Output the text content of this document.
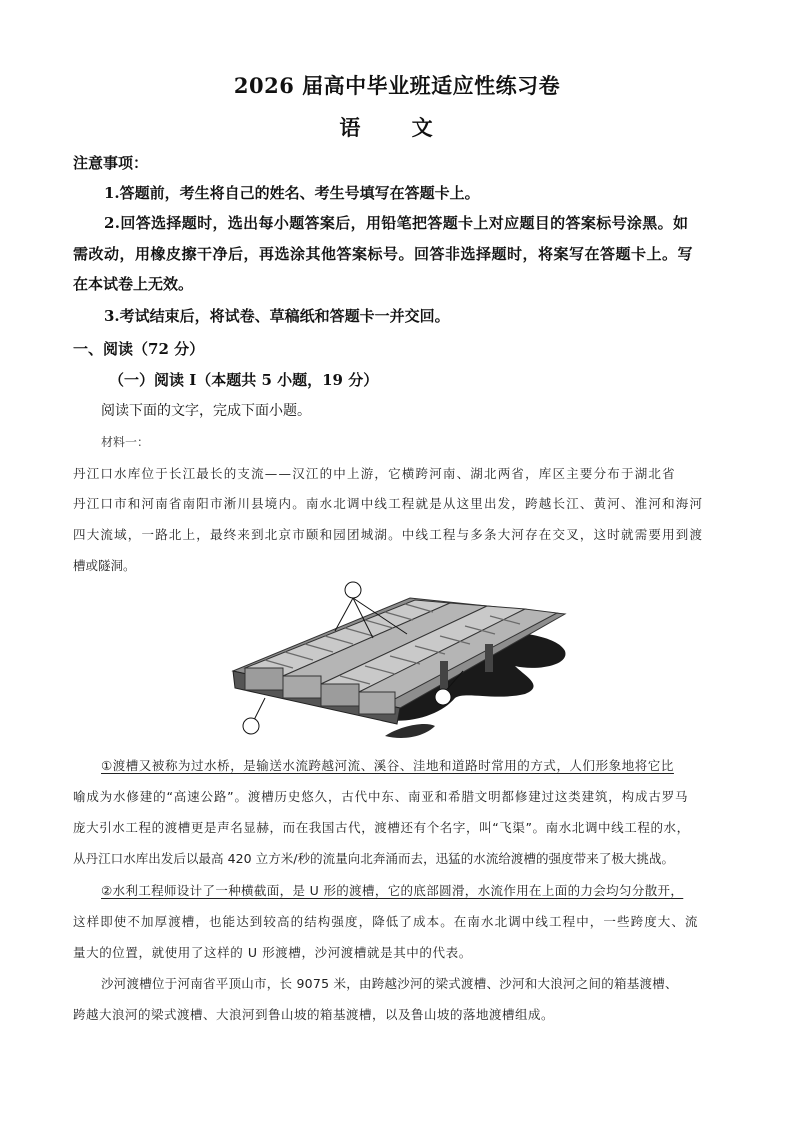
2026 届高中毕业班适应性练习卷
语 文
注意事项：
1.答题前，考生将自己的姓名、考生号填写在答题卡上。
2.回答选择题时，选出每小题答案后，用铅笔把答题卡上对应题目的答案标号涂黑。如
需改动，用橡皮擦干净后，再选涂其他答案标号。回答非选择题时，将案写在答题卡上。写
在本试卷上无效。
3.考试结束后，将试卷、草稿纸和答题卡一并交回。
一、阅读（72 分）
（一）阅读 I（本题共 5 小题，19 分）
阅读下面的文字，完成下面小题。
材料一：
丹江口水库位于长江最长的支流——汉江的中上游，它横跨河南、湖北两省，库区主要分布于湖北省
丹江口市和河南省南阳市淅川县境内。南水北调中线工程就是从这里出发，跨越长江、黄河、淮河和海河
四大流域，一路北上，最终来到北京市颐和园团城湖。中线工程与多条大河存在交叉，这时就需要用到渡
槽或隧洞。
①渡槽又被称为过水桥，是输送水流跨越河流、溪谷、洼地和道路时常用的方式，人们形象地将它比
喻成为水修建的“高速公路”。渡槽历史悠久，古代中东、南亚和希腊文明都修建过这类建筑，构成古罗马
庞大引水工程的渡槽更是声名显赫，而在我国古代，渡槽还有个名字，叫“飞渠”。南水北调中线工程的水，
从丹江口水库出发后以最高 420 立方米/秒的流量向北奔涌而去，迅猛的水流给渡槽的强度带来了极大挑战。
②水利工程师设计了一种横截面，是 U 形的渡槽，它的底部圆滑，水流作用在上面的力会均匀分散开，
这样即使不加厚渡槽，也能达到较高的结构强度，降低了成本。在南水北调中线工程中，一些跨度大、流
量大的位置，就使用了这样的 U 形渡槽，沙河渡槽就是其中的代表。
沙河渡槽位于河南省平顶山市，长 9075 米，由跨越沙河的梁式渡槽、沙河和大浪河之间的箱基渡槽、
跨越大浪河的梁式渡槽、大浪河到鲁山坡的箱基渡槽，以及鲁山坡的落地渡槽组成。
